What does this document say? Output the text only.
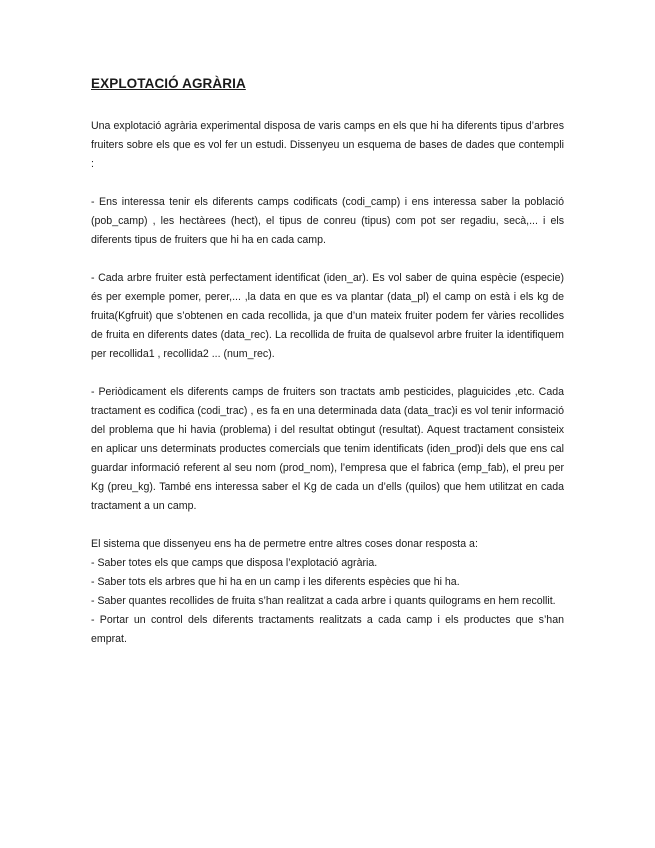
EXPLOTACIÓ AGRÀRIA

Una explotació agrària experimental disposa de varis camps en els que hi ha diferents tipus d’arbres fruiters sobre els que es vol fer un estudi. Dissenyeu un esquema de bases de dades que contempli :

- Ens interessa tenir els diferents camps codificats (codi_camp) i ens interessa saber la població (pob_camp) , les hectàrees (hect), el tipus de conreu (tipus) com pot ser regadiu, secà,... i els diferents tipus de fruiters que hi ha en cada camp.

- Cada arbre fruiter està perfectament identificat (iden_ar). Es vol saber de quina espècie (especie) és per exemple pomer, perer,... ,la data en que es va plantar (data_pl) el camp on està i els kg de fruita(Kgfruit) que s’obtenen en cada recollida, ja que d’un mateix fruiter podem fer vàries recollides de fruita en diferents dates (data_rec). La recollida de fruita de qualsevol arbre fruiter la identifiquem per recollida1 , recollida2 ... (num_rec).

- Periòdicament els diferents camps de fruiters son tractats amb pesticides, plaguicides ,etc. Cada tractament es codifica (codi_trac) , es fa en una determinada data (data_trac)i es vol tenir informació del problema que hi havia (problema) i del resultat obtingut (resultat). Aquest tractament consisteix en aplicar uns determinats productes comercials que tenim identificats (iden_prod)i dels que ens cal guardar informació referent al seu nom (prod_nom), l’empresa que el fabrica (emp_fab), el preu per Kg (preu_kg). També ens interessa saber el Kg de cada un d’ells (quilos) que hem utilitzat en cada tractament a un camp.

El sistema que dissenyeu ens ha de permetre entre altres coses donar resposta a:

- Saber totes els que camps que disposa l’explotació agrària.

- Saber tots els arbres que hi ha en un camp i les diferents espècies que hi ha.

- Saber quantes recollides de fruita s’han realitzat a cada arbre i quants quilograms en hem recollit.

- Portar un control dels diferents tractaments realitzats a cada camp i els productes que s’han emprat.
